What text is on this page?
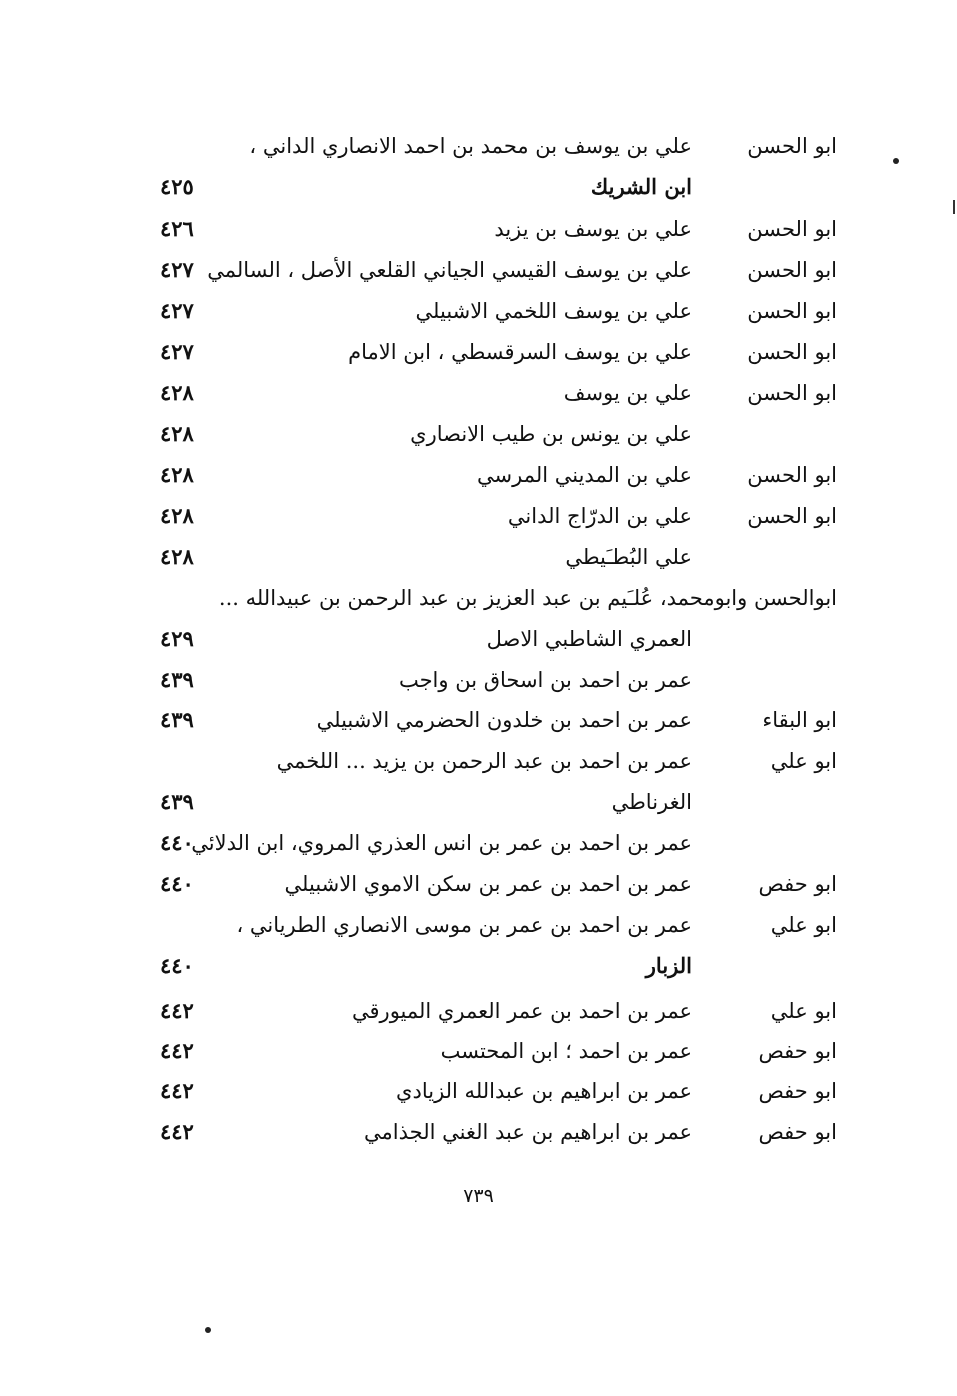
ابو الحسن
علي بن يوسف بن محمد بن احمد الانصاري الداني ،
ابن الشريك
٤٢٥
ابو الحسن
علي بن يوسف بن يزيد
٤٢٦
ابو الحسن
علي بن يوسف القيسي الجياني القلعي الأصل ، السالمي
٤٢٧
ابو الحسن
علي بن يوسف اللخمي الاشبيلي
٤٢٧
ابو الحسن
علي بن يوسف السرقسطي ، ابن الامام
٤٢٧
ابو الحسن
علي بن يوسف
٤٢٨
علي بن يونس بن طيب الانصاري
٤٢٨
ابو الحسن
علي بن المديني المرسي
٤٢٨
ابو الحسن
علي بن الدرّاج الداني
٤٢٨
علي البُطـَيطي
٤٢٨
ابوالحسن وابومحمد، عُلـَيم بن عبد العزيز بن عبد الرحمن بن عبيدالله ...
العمري الشاطبي الاصل
٤٢٩
عمر بن احمد بن اسحاق بن واجب
٤٣٩
ابو البقاء
عمر بن احمد بن خلدون الحضرمي الاشبيلي
٤٣٩
ابو علي
عمر بن احمد بن عبد الرحمن بن يزيد ... اللخمي
الغرناطي
٤٣٩
عمر بن احمد بن عمر بن انس العذري المروي، ابن الدلائي
٤٤٠
ابو حفص
عمر بن احمد بن عمر بن سكن الاموي الاشبيلي
٤٤٠
ابو علي
عمر بن احمد بن عمر بن موسى الانصاري الطرياني ،
الزبار
٤٤٠
ابو علي
عمر بن احمد بن عمر العمري الميورقي
٤٤٢
ابو حفص
عمر بن احمد ؛ ابن المحتسب
٤٤٢
ابو حفص
عمر بن ابراهيم بن عبدالله الزيادي
٤٤٢
ابو حفص
عمر بن ابراهيم بن عبد الغني الجذامي
٤٤٢
٧٣٩
